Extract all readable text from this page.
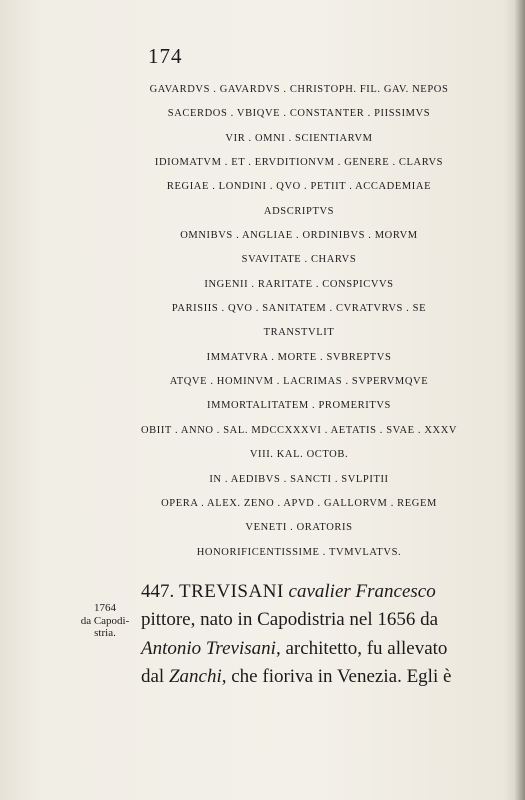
174
GAVARDVS . GAVARDVS . CHRISTOPH. FIL. GAV. NEPOS
SACERDOS . VBIQVE . CONSTANTER . PIISSIMVS
VIR . OMNI . SCIENTIARVM
IDIOMATVM . ET . ERVDITIONVM . GENERE . CLARVS
REGIAE . LONDINI . QVO . PETIIT . ACCADEMIAE
ADSCRIPTVS
OMNIBVS . ANGLIAE . ORDINIBVS . MORVM
SVAVITATE . CHARVS
INGENII . RARITATE . CONSPICVVS
PARISIIS . QVO . SANITATEM . CVRATVRVS . SE
TRANSTVLIT
IMMATVRA . MORTE . SVBREPTVS
ATQVE . HOMINVM . LACRIMAS . SVPERVMQVE
IMMORTALITATEM . PROMERITVS
OBIIT . ANNO . SAL. MDCCXXXVI . AETATIS . SVAE . XXXV
VIII. KAL. OCTOB.
IN . AEDIBVS . SANCTI . SVLPITII
OPERA . ALEX. ZENO . APVD . GALLORVM . REGEM
VENETI . ORATORIS
HONORIFICENTISSIME . TVMVLATVS.
1764
da Capodi-
stria.
447. TREVISANI cavalier Francesco
pittore, nato in Capodistria nel 1656 da
Antonio Trevisani, architetto, fu allevato
dal Zanchi, che fioriva in Venezia. Egli è
